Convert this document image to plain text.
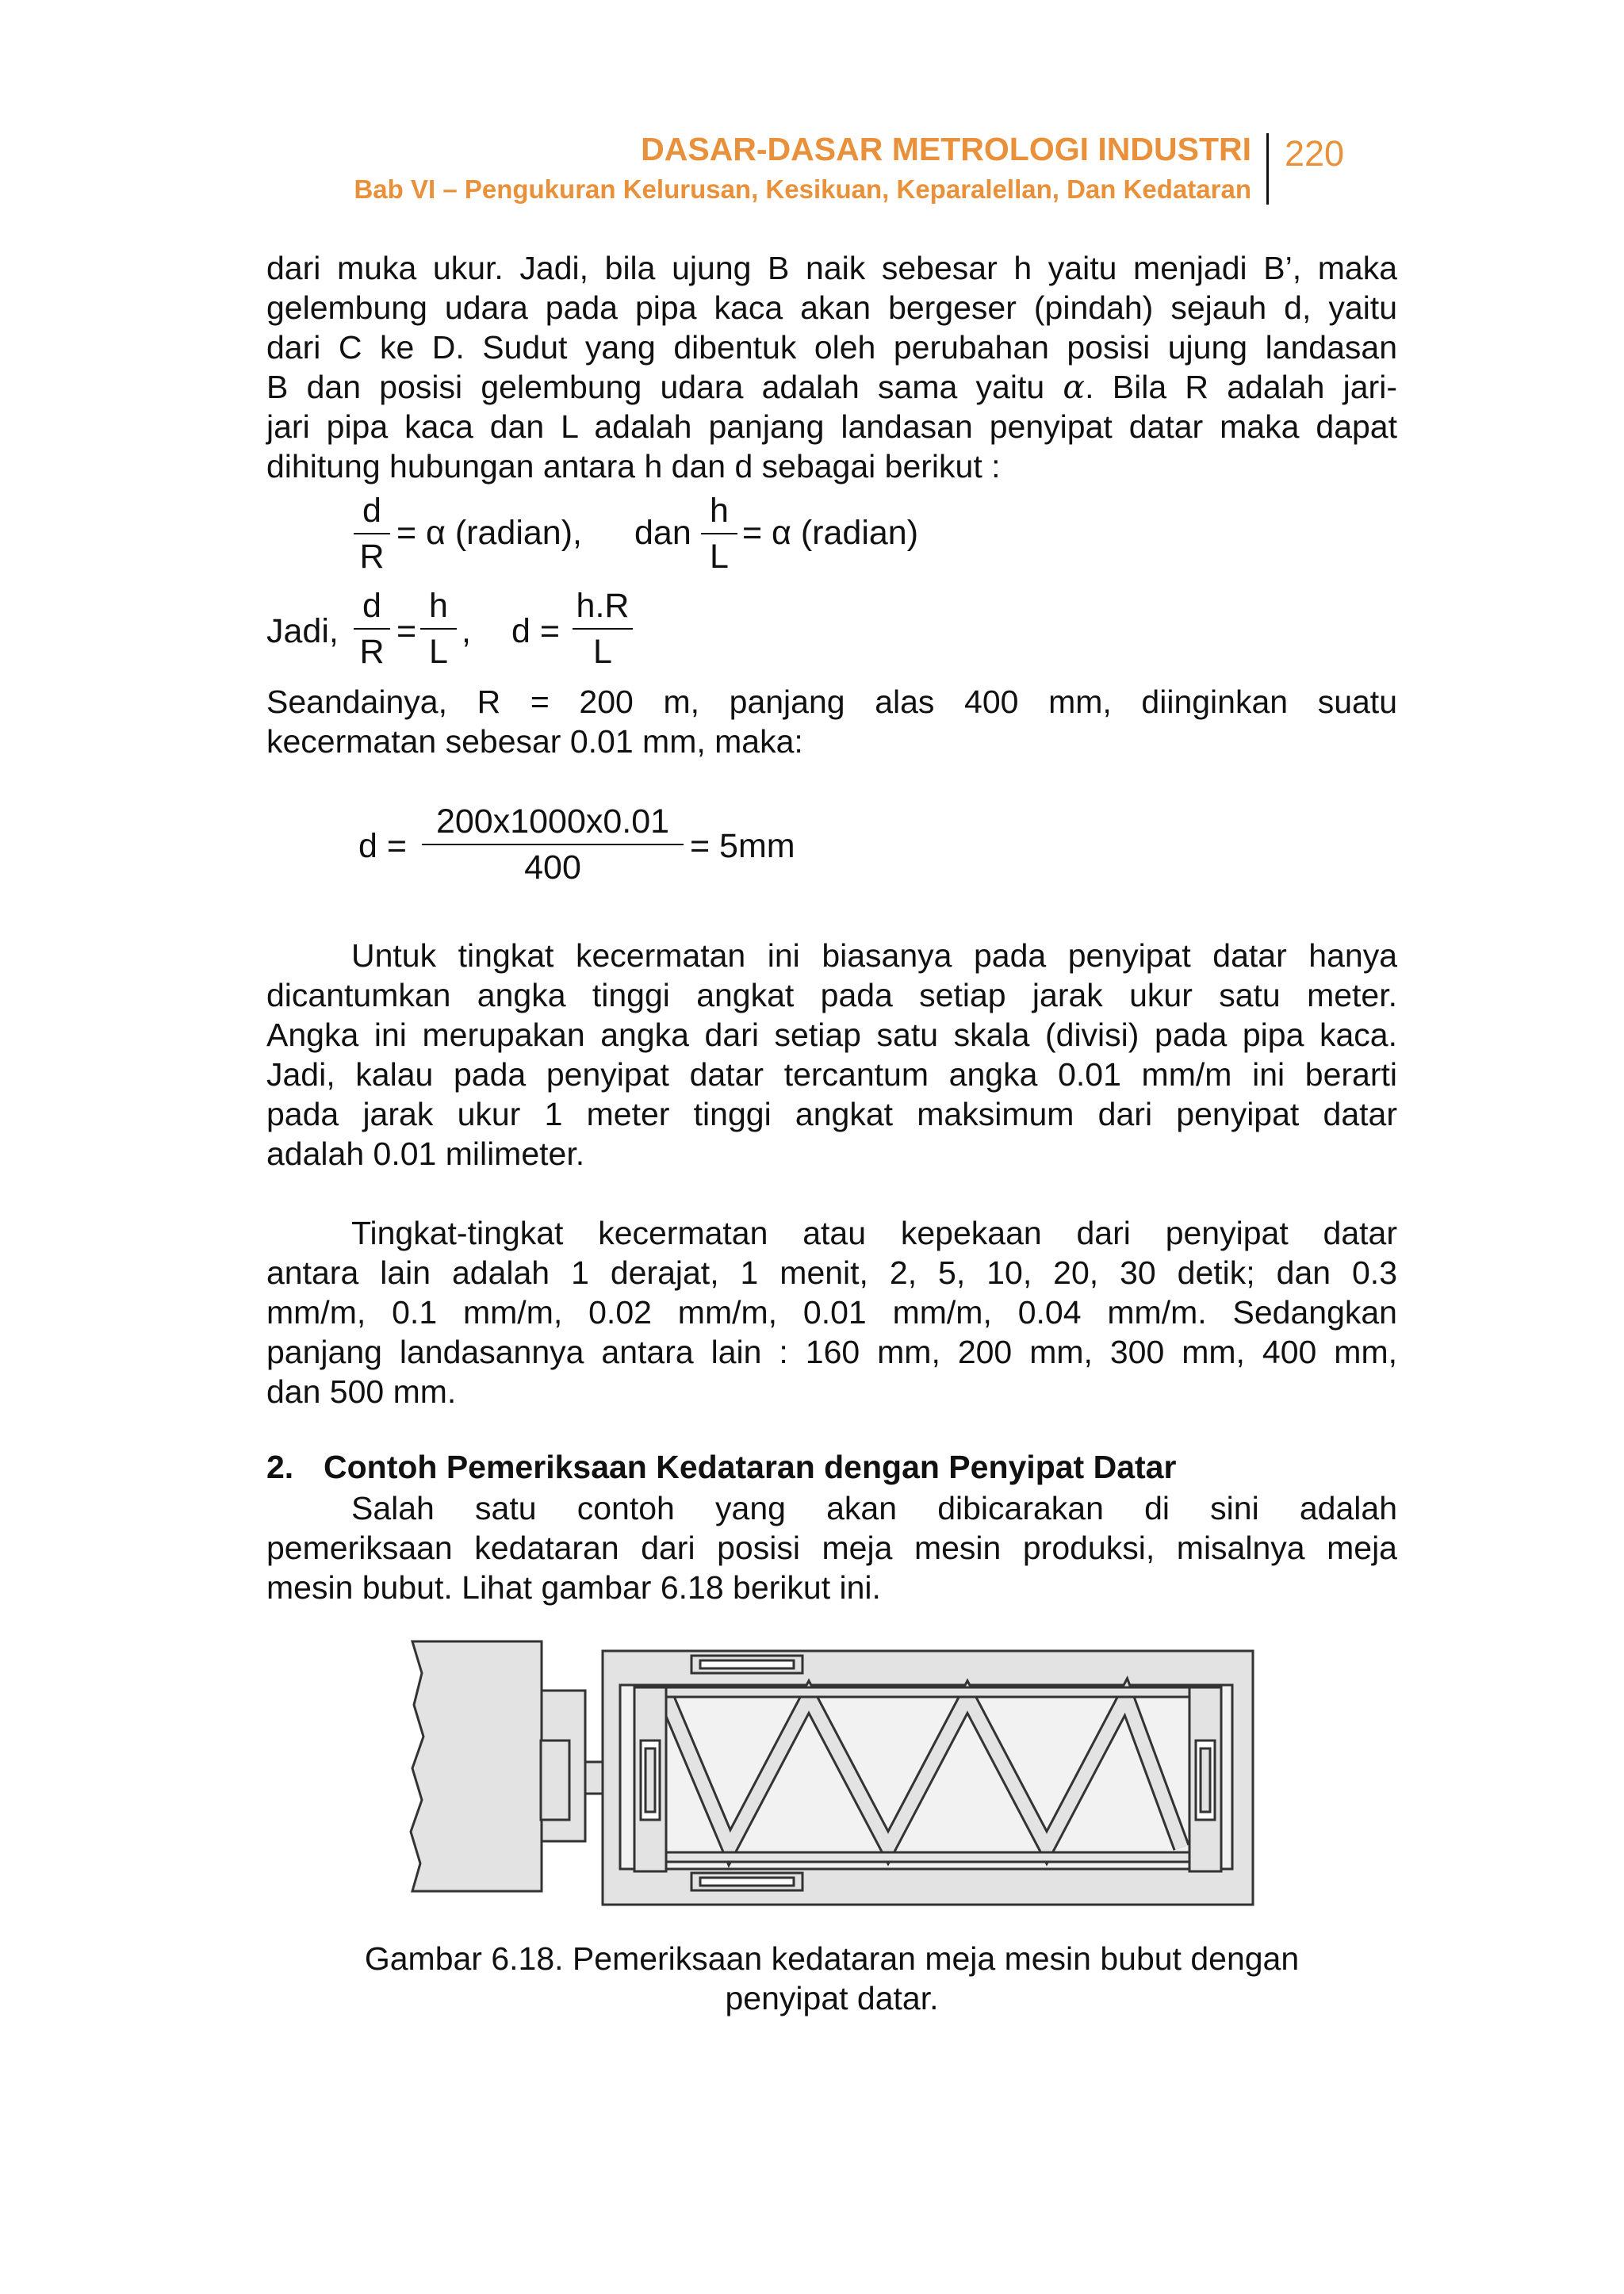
DASAR-DASAR METROLOGI INDUSTRI
Bab VI – Pengukuran Kelurusan, Kesikuan, Keparalellan, Dan Kedataran
220
dari muka ukur. Jadi, bila ujung B naik sebesar h yaitu menjadi B’, maka
gelembung udara pada pipa kaca akan bergeser (pindah) sejauh d, yaitu
dari C ke D. Sudut yang dibentuk oleh perubahan posisi ujung landasan
B dan posisi gelembung udara adalah sama yaitu α. Bila R adalah jari-
jari pipa kaca dan L adalah panjang landasan penyipat datar maka dapat
dihitung hubungan antara h dan d sebagai berikut :
d
R
= α (radian), dan
h
L
= α (radian)
Jadi,
d
R
=
h
L
, d =
h.R
L
Seandainya, R = 200 m, panjang alas 400 mm, diinginkan suatu
kecermatan sebesar 0.01 mm, maka:
d =
200x1000x0.01
400
= 5mm
Untuk tingkat kecermatan ini biasanya pada penyipat datar hanya
dicantumkan angka tinggi angkat pada setiap jarak ukur satu meter.
Angka ini merupakan angka dari setiap satu skala (divisi) pada pipa kaca.
Jadi, kalau pada penyipat datar tercantum angka 0.01 mm/m ini berarti
pada jarak ukur 1 meter tinggi angkat maksimum dari penyipat datar
adalah 0.01 milimeter.
Tingkat-tingkat kecermatan atau kepekaan dari penyipat datar
antara lain adalah 1 derajat, 1 menit, 2, 5, 10, 20, 30 detik; dan 0.3
mm/m, 0.1 mm/m, 0.02 mm/m, 0.01 mm/m, 0.04 mm/m. Sedangkan
panjang landasannya antara lain : 160 mm, 200 mm, 300 mm, 400 mm,
dan 500 mm.
2. Contoh Pemeriksaan Kedataran dengan Penyipat Datar
Salah satu contoh yang akan dibicarakan di sini adalah
pemeriksaan kedataran dari posisi meja mesin produksi, misalnya meja
mesin bubut. Lihat gambar 6.18 berikut ini.
Gambar 6.18. Pemeriksaan kedataran meja mesin bubut dengan
penyipat datar.
